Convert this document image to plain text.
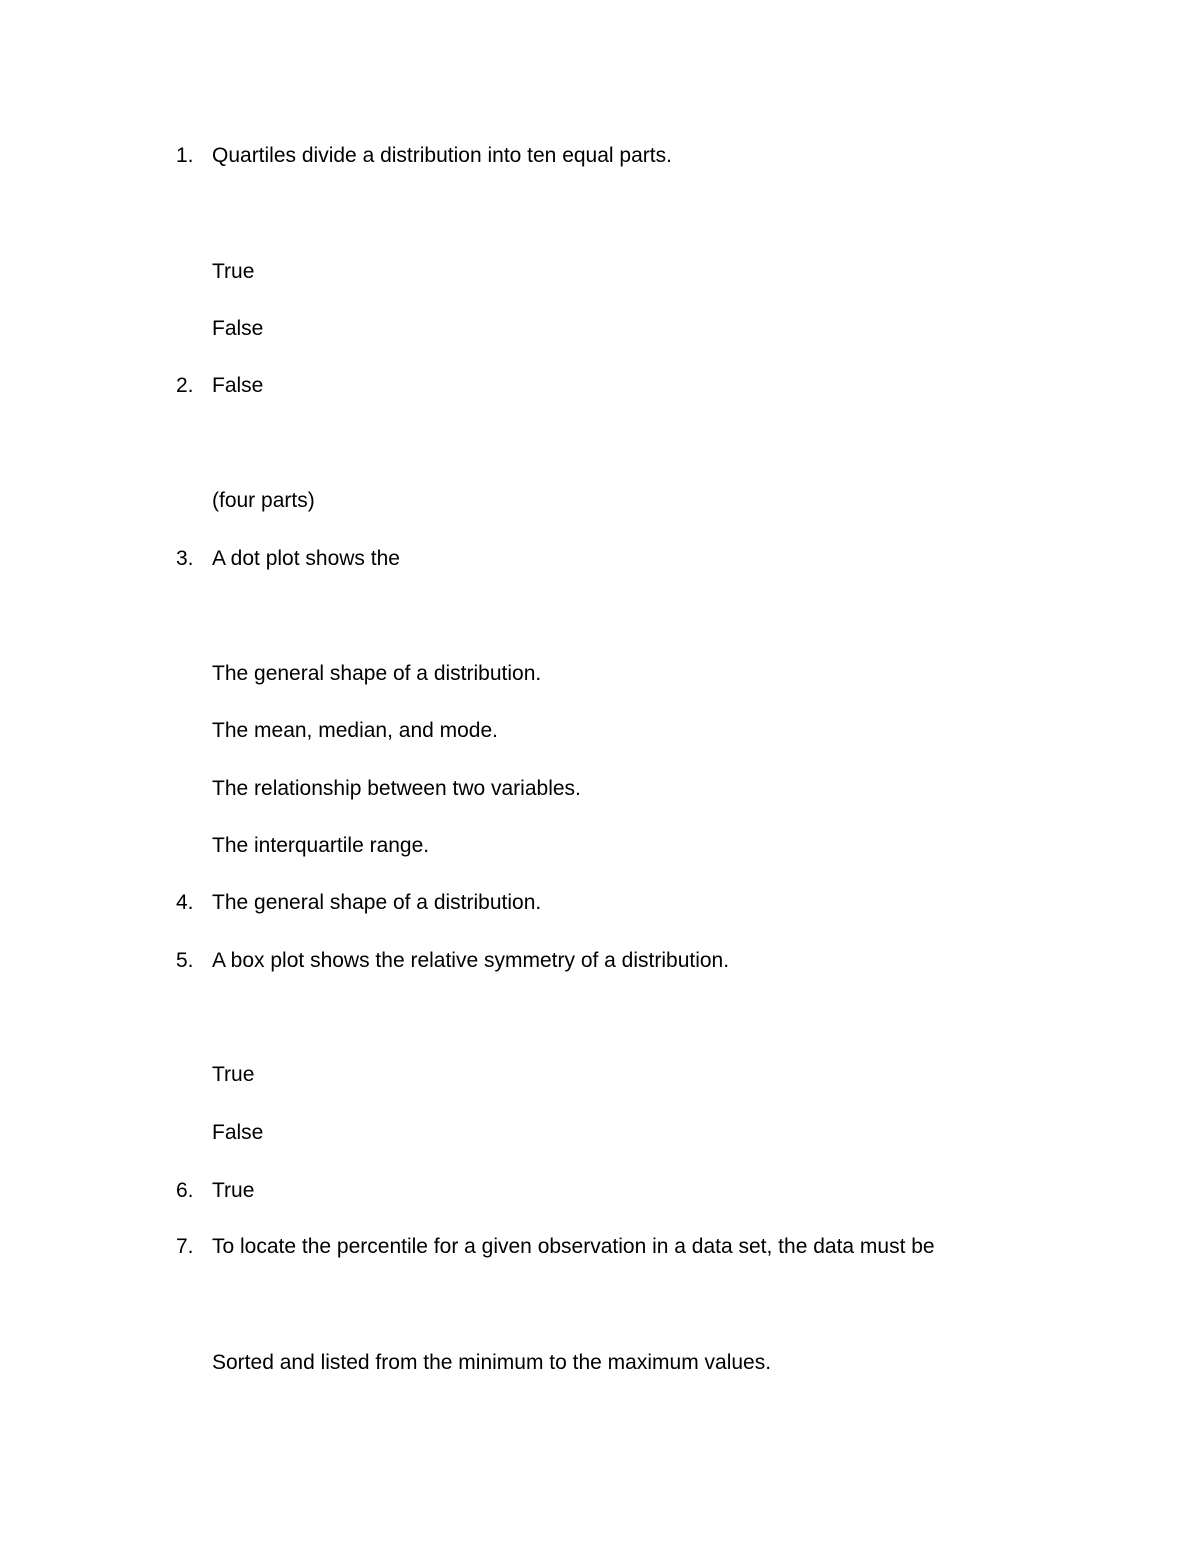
1. Quartiles divide a distribution into ten equal parts.
True
False
2. False
(four parts)
3. A dot plot shows the
The general shape of a distribution.
The mean, median, and mode.
The relationship between two variables.
The interquartile range.
4. The general shape of a distribution.
5. A box plot shows the relative symmetry of a distribution.
True
False
6. True
7. To locate the percentile for a given observation in a data set, the data must be
Sorted and listed from the minimum to the maximum values.
